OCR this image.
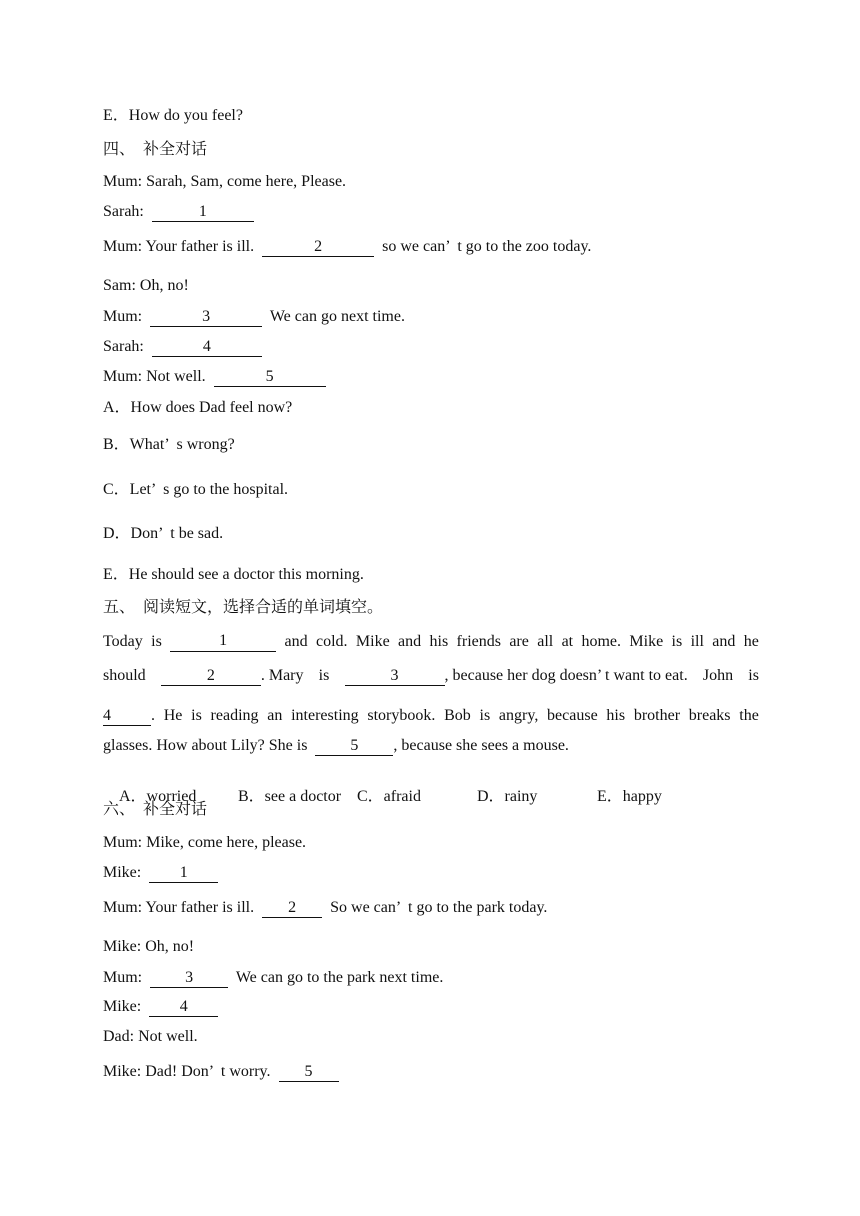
E．How do you feel?
四、  补全对话
Mum: Sarah, Sam, come here, Please.
Sarah:	1
Mum: Your father is ill.	2	so we can’  t go to the zoo today.
Sam: Oh, no!
Mum:	3	We can go next time.
Sarah:	4
Mum: Not well.	5
A．How does Dad feel now?
B．What’  s wrong?
C．Let’  s go to the hospital.
D．Don’  t be sad.
E．He should see a doctor this morning.
五、  阅读短文，选择合适的单词填空。
Today is	1	and cold. Mike and his friends are all at home. Mike is ill and he
should	2	. Mary is	3	, because her dog doesn’ t want to eat. John is
4	. He is reading an interesting storybook. Bob is angry, because his brother breaks the
glasses. How about Lily? She is  5 , because she sees a mouse.

A．worried	B．see a doctor C．afraid	D．rainy	E．happy

六、  补全对话
Mum: Mike, come here, please.
Mike:  1
Mum: Your father is ill.  2  So we can’  t go to the park today.
Mike: Oh, no!
Mum:  3  We can go to the park next time.
Mike:  4
Dad: Not well.
Mike: Dad! Don’  t worry.  5
